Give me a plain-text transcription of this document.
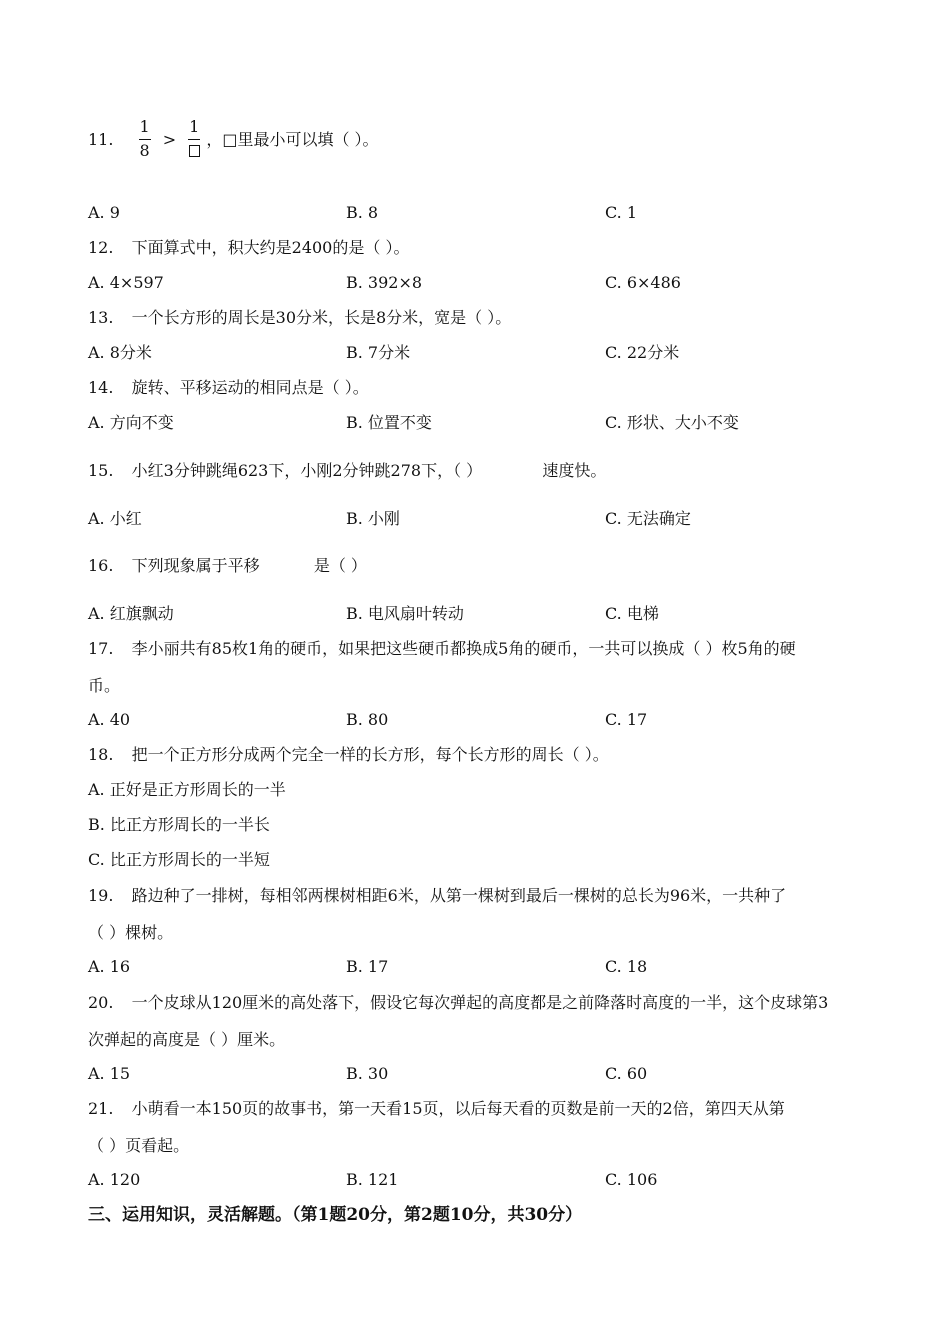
11. $\frac{1}{8}$ >
1
，□里最小可以填（ ）。
A. 9	B. 8	C. 1
12. 下面算式中，积大约是2400的是（ ）。
A. 4×597	B. 392×8	C. 6×486
13. 一个长方形的周长是30分米，长是8分米，宽是（ ）。
A. 8分米	B. 7分米	C. 22分米
14. 旋转、平移运动的相同点是（ ）。
A. 方向不变	B. 位置不变	C. 形状、大小不变
15. 小红3分钟跳绳623下，小刚2分钟跳278下，（ ）	速度快。
A. 小红	B. 小刚	C. 无法确定
16. 下列现象属于平移	是（ ）
A. 红旗飘动	B. 电风扇叶转动	C. 电梯
17. 李小丽共有85枚1角的硬币，如果把这些硬币都换成5角的硬币，一共可以换成（ ）枚5角的硬
币。
A. 40	B. 80	C. 17
18. 把一个正方形分成两个完全一样的长方形，每个长方形的周长（ ）。
A. 正好是正方形周长的一半
B. 比正方形周长的一半长
C. 比正方形周长的一半短
19. 路边种了一排树，每相邻两棵树相距6米，从第一棵树到最后一棵树的总长为96米，一共种了
（ ）棵树。
A. 16	B. 17	C. 18
20. 一个皮球从120厘米的高处落下，假设它每次弹起的高度都是之前降落时高度的一半，这个皮球第3
次弹起的高度是（ ）厘米。
A. 15	B. 30	C. 60
21. 小萌看一本150页的故事书，第一天看15页，以后每天看的页数是前一天的2倍，第四天从第
（ ）页看起。
A. 120	B. 121	C. 106
三、运用知识，灵活解题。（第1题20分，第2题10分，共30分）
